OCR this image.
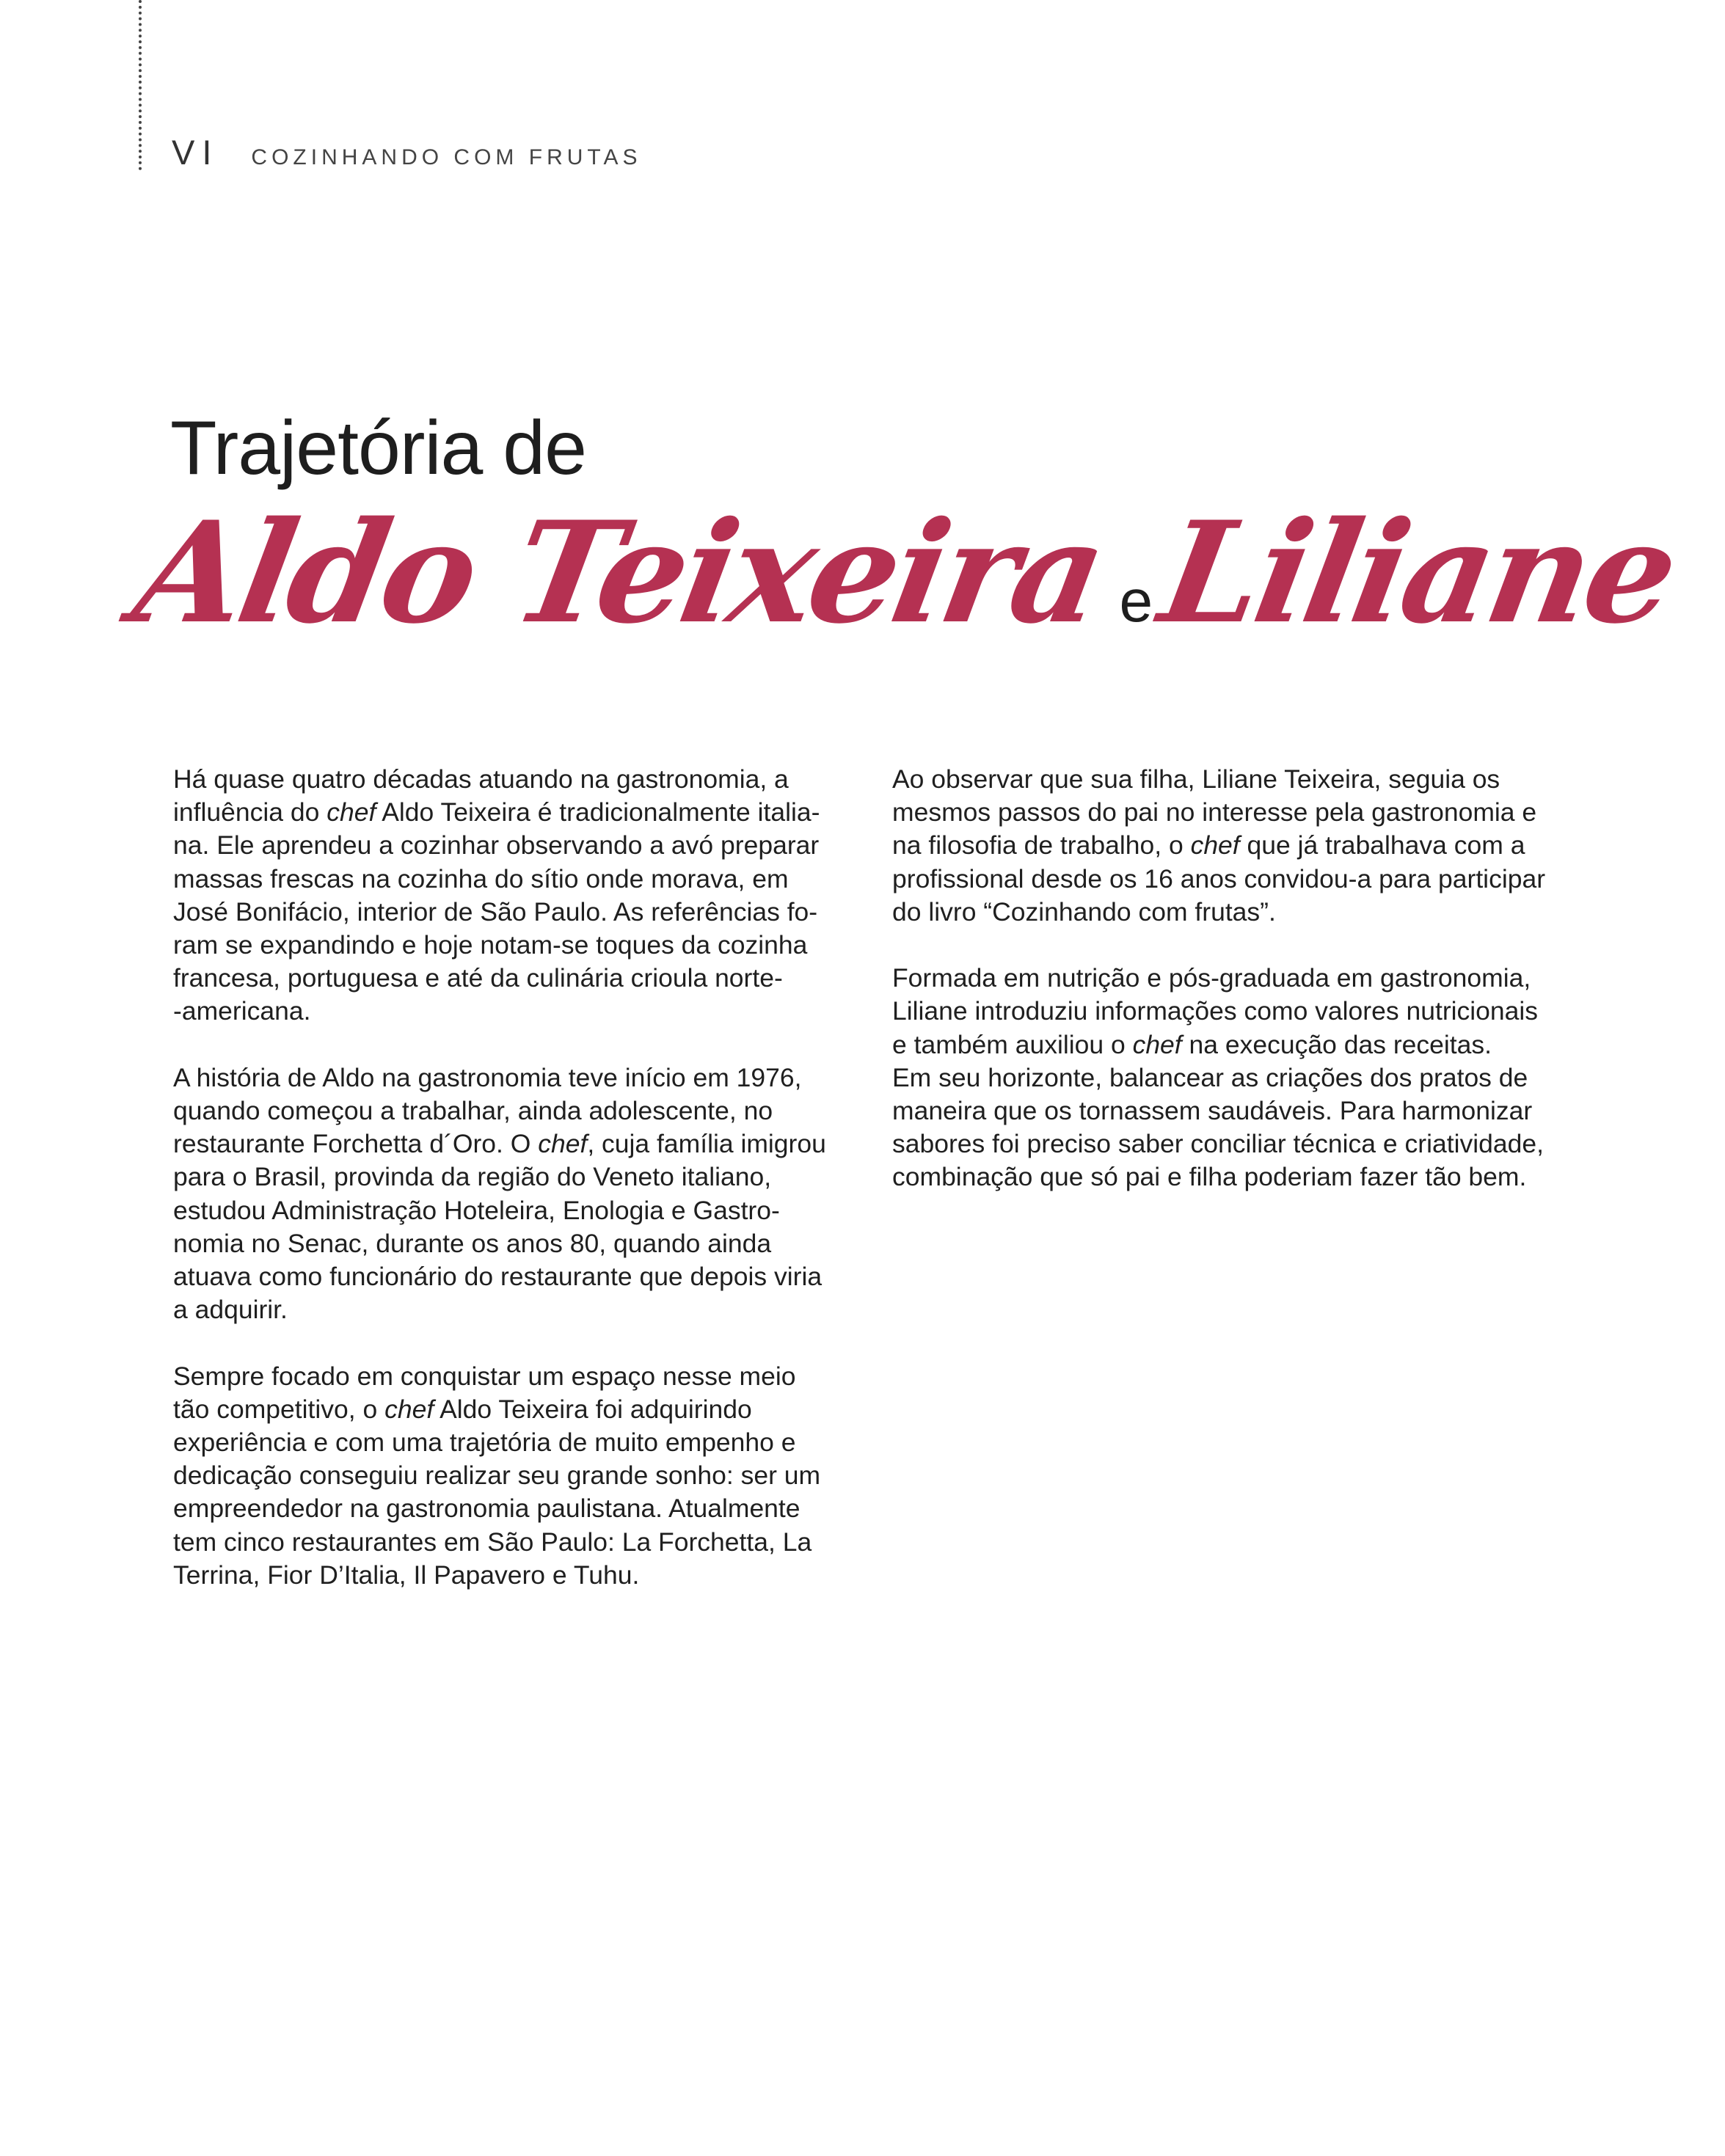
VI COZINHANDO COM FRUTAS
Trajetória de
Aldo Teixeira e
Liliane
Há quase quatro décadas atuando na gastronomia, a
influência do chef Aldo Teixeira é tradicionalmente italia-
na. Ele aprendeu a cozinhar observando a avó preparar
massas frescas na cozinha do sítio onde morava, em
José Bonifácio, interior de São Paulo. As referências fo-
ram se expandindo e hoje notam-se toques da cozinha
francesa, portuguesa e até da culinária crioula norte-
-americana.
A história de Aldo na gastronomia teve início em 1976,
quando começou a trabalhar, ainda adolescente, no
restaurante Forchetta d´Oro. O chef, cuja família imigrou
para o Brasil, provinda da região do Veneto italiano,
estudou Administração Hoteleira, Enologia e Gastro-
nomia no Senac, durante os anos 80, quando ainda
atuava como funcionário do restaurante que depois viria
a adquirir.
Sempre focado em conquistar um espaço nesse meio
tão competitivo, o chef Aldo Teixeira foi adquirindo
experiência e com uma trajetória de muito empenho e
dedicação conseguiu realizar seu grande sonho: ser um
empreendedor na gastronomia paulistana. Atualmente
tem cinco restaurantes em São Paulo: La Forchetta, La
Terrina, Fior D’Italia, Il Papavero e Tuhu.
Ao observar que sua filha, Liliane Teixeira, seguia os
mesmos passos do pai no interesse pela gastronomia e
na filosofia de trabalho, o chef que já trabalhava com a
profissional desde os 16 anos convidou-a para participar
do livro “Cozinhando com frutas”.
Formada em nutrição e pós-graduada em gastronomia,
Liliane introduziu informações como valores nutricionais
e também auxiliou o chef na execução das receitas.
Em seu horizonte, balancear as criações dos pratos de
maneira que os tornassem saudáveis. Para harmonizar
sabores foi preciso saber conciliar técnica e criatividade,
combinação que só pai e filha poderiam fazer tão bem.
